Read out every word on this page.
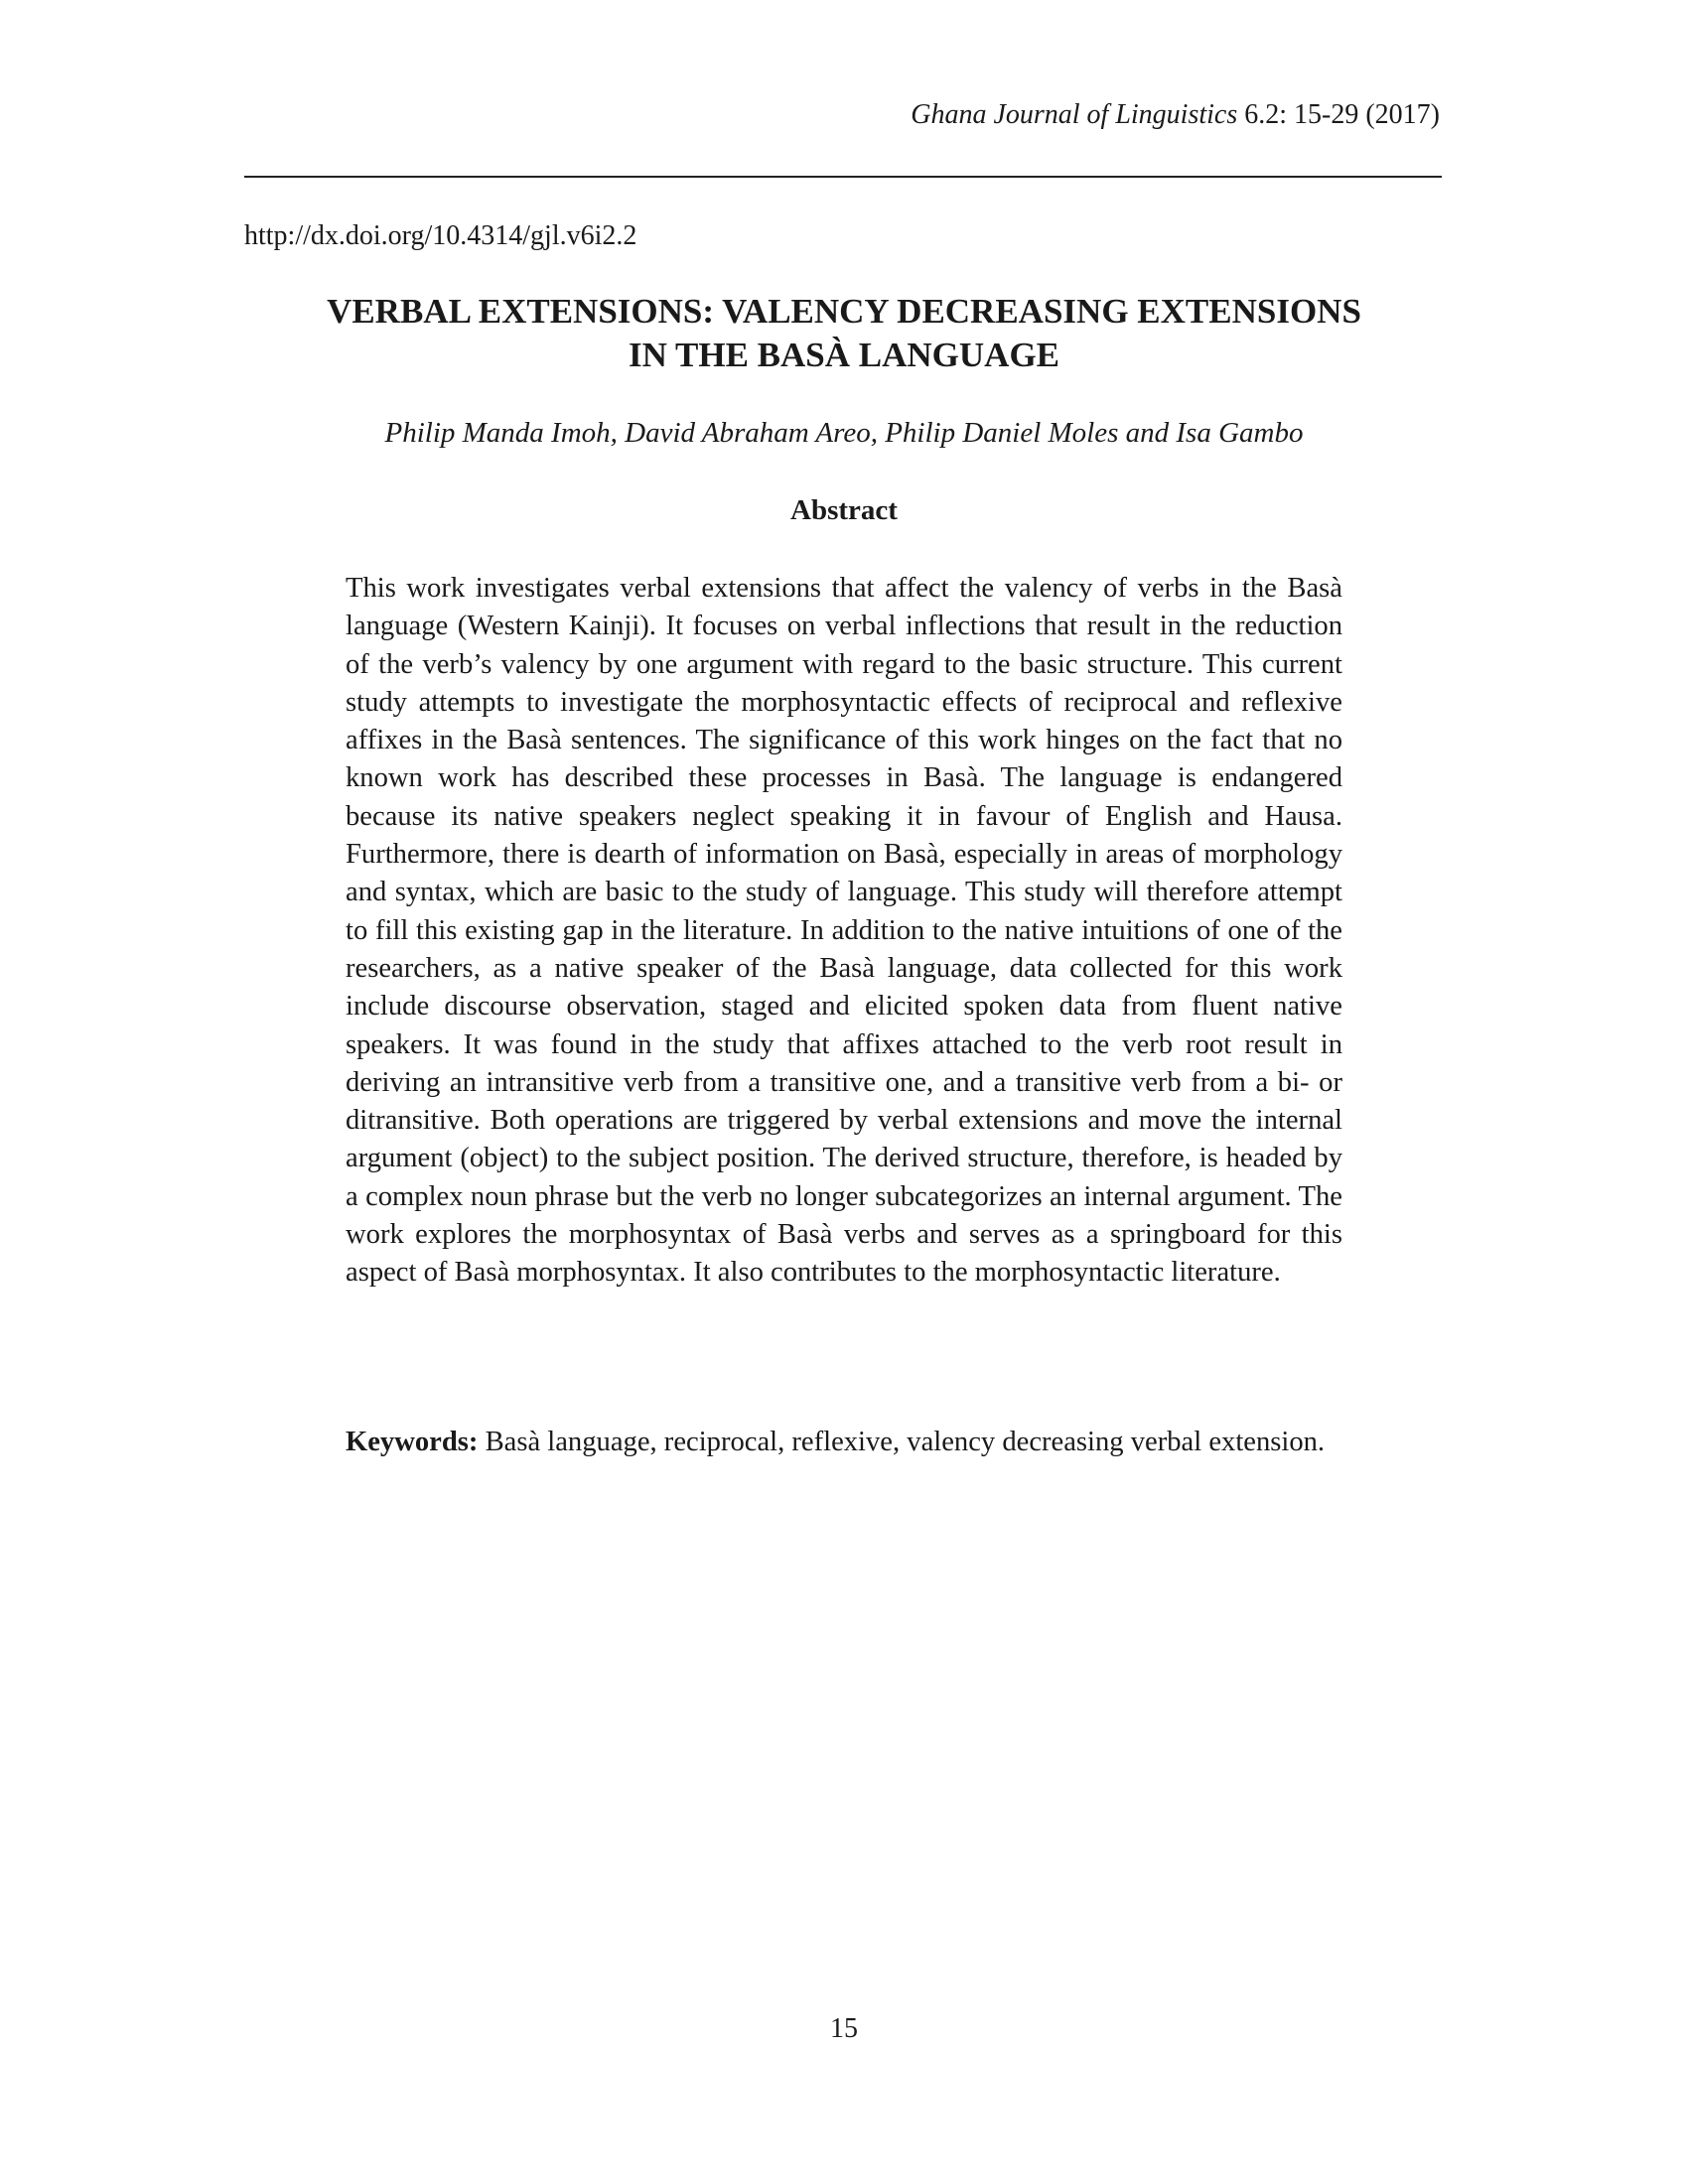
Ghana Journal of Linguistics 6.2: 15-29 (2017)
http://dx.doi.org/10.4314/gjl.v6i2.2
VERBAL EXTENSIONS: VALENCY DECREASING EXTENSIONS
IN THE BASÀ LANGUAGE
Philip Manda Imoh, David Abraham Areo, Philip Daniel Moles and Isa Gambo
Abstract

This work investigates verbal extensions that affect the valency of verbs in the Basà language (Western Kainji). It focuses on verbal inflections that result in the reduction of the verb’s valency by one argument with regard to the basic structure. This current study attempts to investigate the morphosyntactic effects of reciprocal and reflexive affixes in the Basà sentences. The significance of this work hinges on the fact that no known work has described these processes in Basà. The language is endangered because its native speakers neglect speaking it in favour of English and Hausa. Furthermore, there is dearth of information on Basà, especially in areas of morphology and syntax, which are basic to the study of language. This study will therefore attempt to fill this existing gap in the literature. In addition to the native intuitions of one of the researchers, as a native speaker of the Basà language, data collected for this work include discourse observation, staged and elicited spoken data from fluent native speakers. It was found in the study that affixes attached to the verb root result in deriving an intransitive verb from a transitive one, and a transitive verb from a bi- or ditransitive. Both operations are triggered by verbal extensions and move the internal argument (object) to the subject position. The derived structure, therefore, is headed by a complex noun phrase but the verb no longer subcategorizes an internal argument. The work explores the morphosyntax of Basà verbs and serves as a springboard for this aspect of Basà morphosyntax. It also contributes to the morphosyntactic literature.

Keywords: Basà language, reciprocal, reflexive, valency decreasing verbal extension.

15
